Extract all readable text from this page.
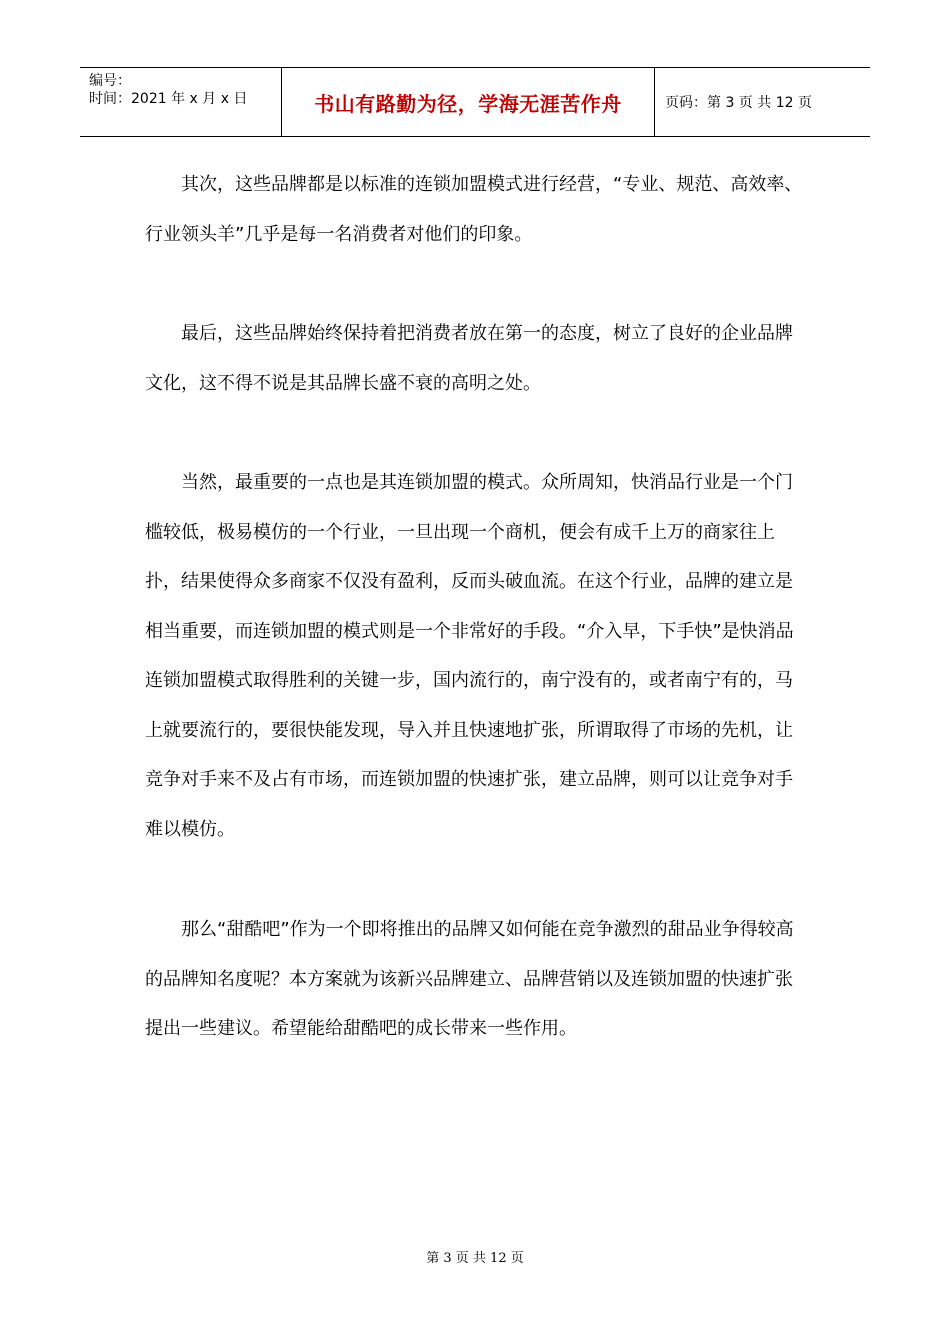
编号：
时间：2021 年 x 月 x 日	书山有路勤为径，学海无涯苦作舟	页码：第 3 页 共 12 页

其次，这些品牌都是以标准的连锁加盟模式进行经营，“专业、规范、高效率、行业领头羊”几乎是每一名消费者对他们的印象。

最后，这些品牌始终保持着把消费者放在第一的态度，树立了良好的企业品牌文化，这不得不说是其品牌长盛不衰的高明之处。

当然，最重要的一点也是其连锁加盟的模式。众所周知，快消品行业是一个门槛较低，极易模仿的一个行业，一旦出现一个商机，便会有成千上万的商家往上扑，结果使得众多商家不仅没有盈利，反而头破血流。在这个行业，品牌的建立是相当重要，而连锁加盟的模式则是一个非常好的手段。“介入早，下手快”是快消品连锁加盟模式取得胜利的关键一步，国内流行的，南宁没有的，或者南宁有的，马上就要流行的，要很快能发现，导入并且快速地扩张，所谓取得了市场的先机，让竞争对手来不及占有市场，而连锁加盟的快速扩张，建立品牌，则可以让竞争对手难以模仿。

那么“甜酷吧”作为一个即将推出的品牌又如何能在竞争激烈的甜品业争得较高的品牌知名度呢？本方案就为该新兴品牌建立、品牌营销以及连锁加盟的快速扩张提出一些建议。希望能给甜酷吧的成长带来一些作用。

第 3 页 共 12 页
